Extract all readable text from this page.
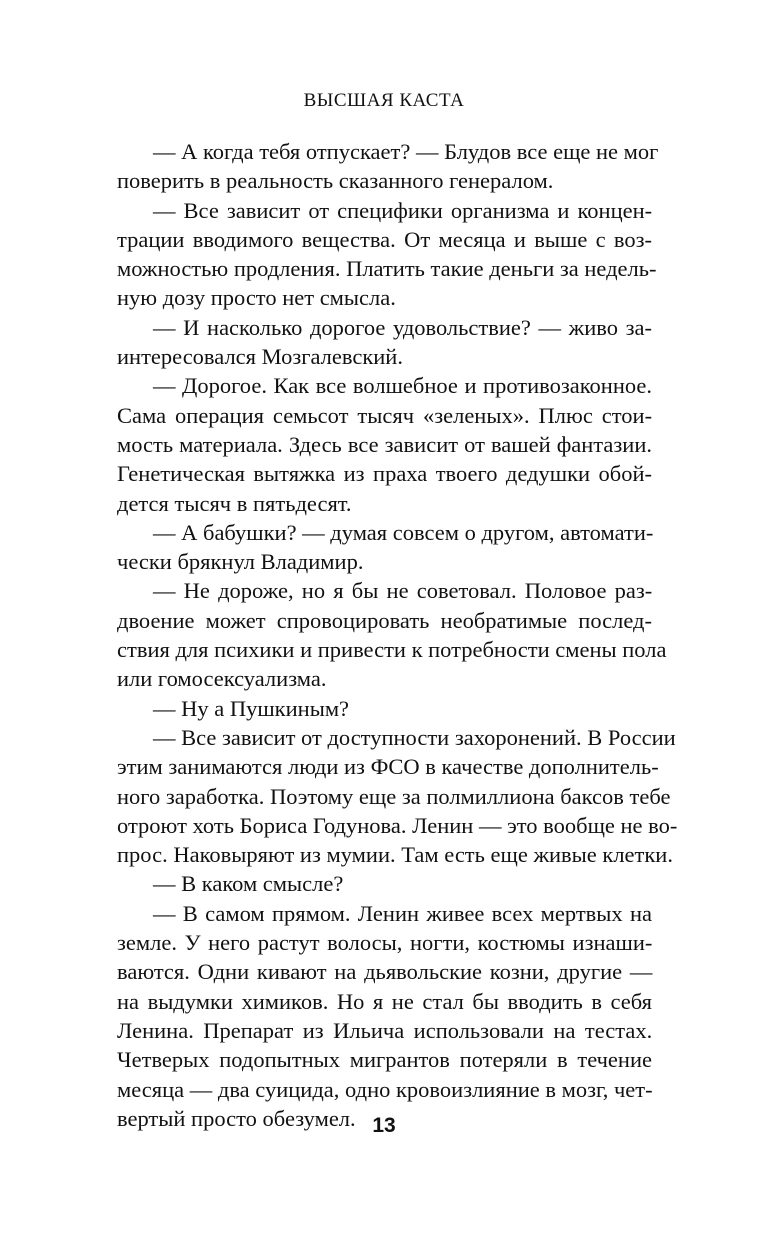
ВЫСШАЯ КАСТА

— А когда тебя отпускает? — Блудов все еще не мог
поверить в реальность сказанного генералом.

— Все зависит от специфики организма и концен-
трации вводимого вещества. От месяца и выше с воз-
можностью продления. Платить такие деньги за недель-
ную дозу просто нет смысла.

— И насколько дорогое удовольствие? — живо за-
интересовался Мозгалевский.

— Дорогое. Как все волшебное и противозаконное.
Сама операция семьсот тысяч «зеленых». Плюс стои-
мость материала. Здесь все зависит от вашей фантазии.
Генетическая вытяжка из праха твоего дедушки обой-
дется тысяч в пятьдесят.

— А бабушки? — думая совсем о другом, автомати-
чески брякнул Владимир.

— Не дороже, но я бы не советовал. Половое раз-
двоение может спровоцировать необратимые послед-
ствия для психики и привести к потребности смены пола
или гомосексуализма.

— Ну а Пушкиным?

— Все зависит от доступности захоронений. В России
этим занимаются люди из ФСО в качестве дополнитель-
ного заработка. Поэтому еще за полмиллиона баксов тебе
отроют хоть Бориса Годунова. Ленин — это вообще не во-
прос. Наковыряют из мумии. Там есть еще живые клетки.

— В каком смысле?

— В самом прямом. Ленин живее всех мертвых на
земле. У него растут волосы, ногти, костюмы изнаши-
ваются. Одни кивают на дьявольские козни, другие —
на выдумки химиков. Но я не стал бы вводить в себя
Ленина. Препарат из Ильича использовали на тестах.
Четверых подопытных мигрантов потеряли в течение
месяца — два суицида, одно кровоизлияние в мозг, чет-
вертый просто обезумел. 13
